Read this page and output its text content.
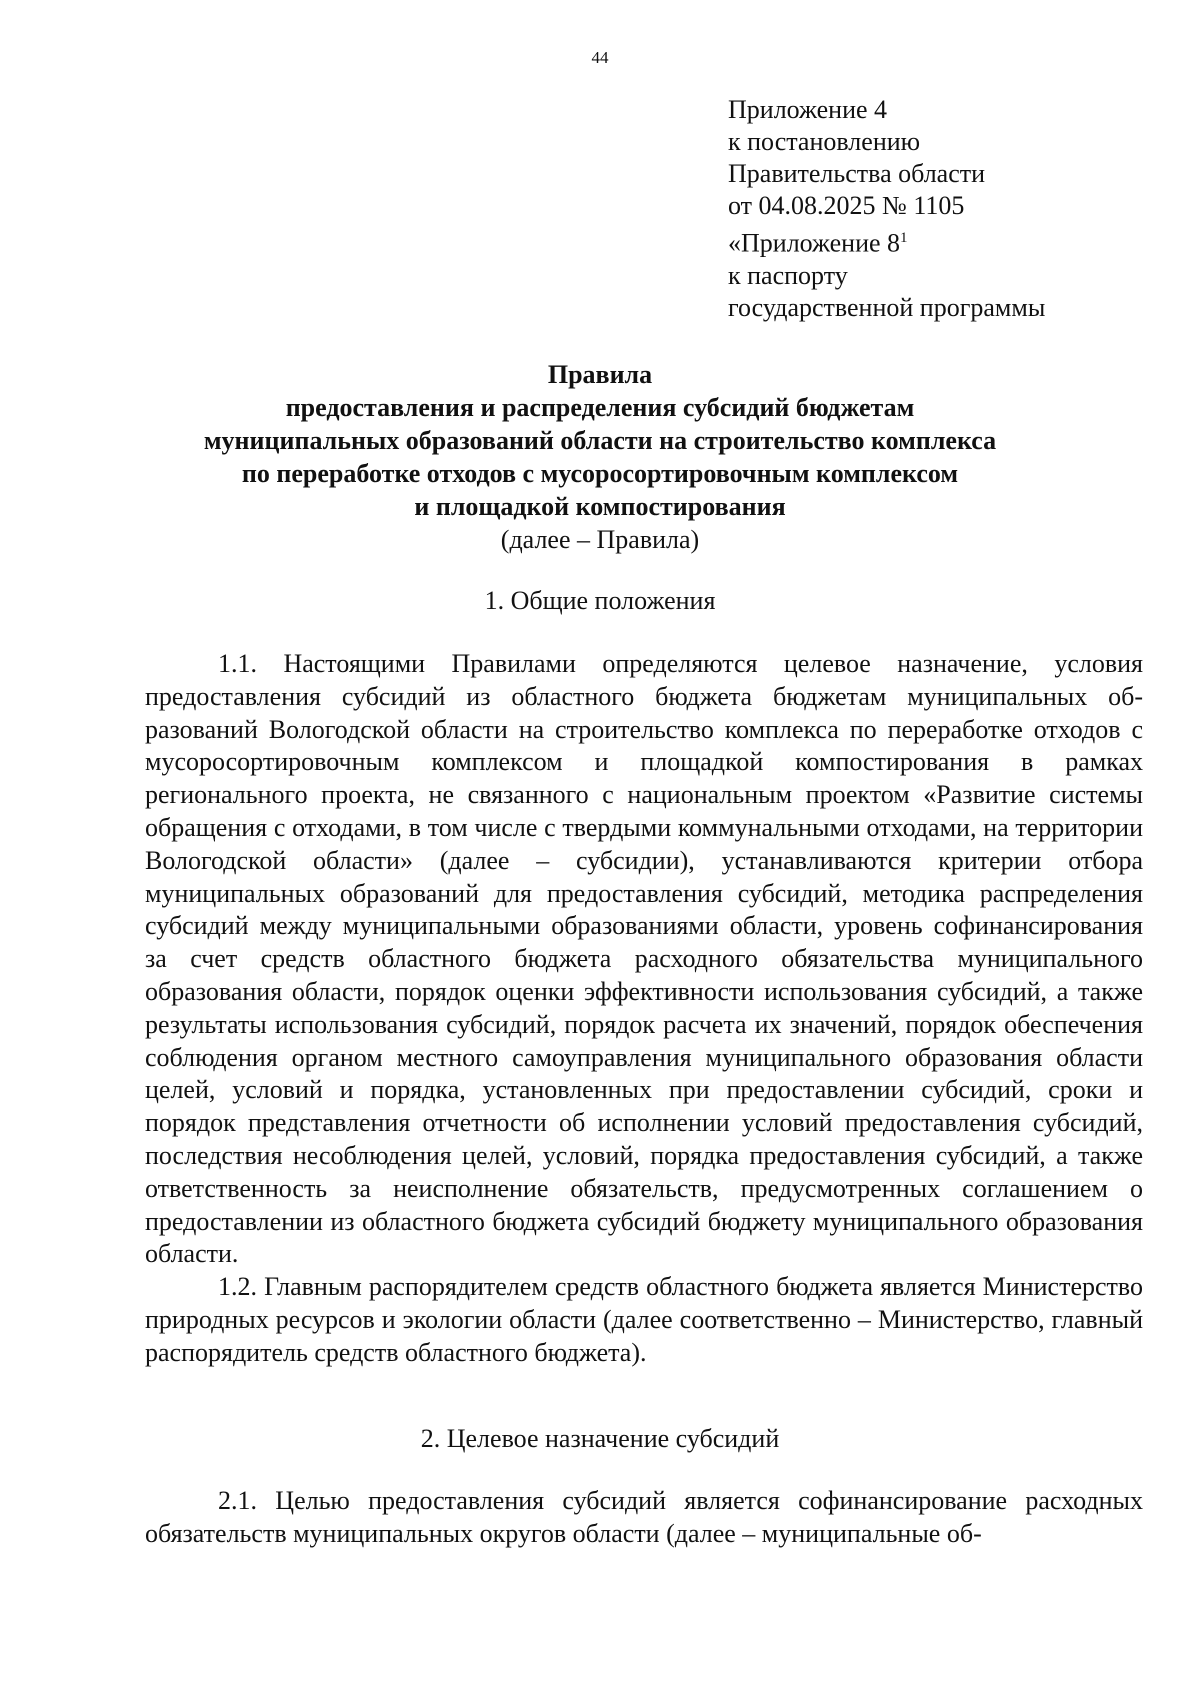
44
Приложение 4
к постановлению
Правительства области
от 04.08.2025 № 1105
«Приложение $8^1$
к паспорту
государственной программы
Правила
предоставления и распределения субсидий бюджетам
муниципальных образований области на строительство комплекса
по переработке отходов с мусоросортировочным комплексом
и площадкой компостирования
(далее – Правила)
1. Общие положения

1.1. Настоящими Правилами определяются целевое назначение, условия предоставления субсидий из областного бюджета бюджетам муниципальных образований Вологодской области на строительство комплекса по переработке отходов с мусоросортировочным комплексом и площадкой компостирования в рамках регионального проекта, не связанного с национальным проектом «Развитие системы обращения с отходами, в том числе с твердыми коммунальными отходами, на территории Вологодской области» (далее – субсидии), устанавливаются критерии отбора муниципальных образований для предоставления субсидий, методика распределения субсидий между муниципальными образованиями области, уровень софинансирования за счет средств областного бюджета расходного обязательства муниципального образования области, порядок оценки эффективности использования субсидий, а также результаты использования субсидий, порядок расчета их значений, порядок обеспечения соблюдения органом местного самоуправления муниципального образования области целей, условий и порядка, установленных при предоставлении субсидий, сроки и порядок представления отчетности об исполнении условий предоставления субсидий, последствия несоблюдения целей, условий, порядка предоставления субсидий, а также ответственность за неисполнение обязательств, предусмотренных соглашением о предоставлении из областного бюджета субсидий бюджету муниципального образования области.

1.2. Главным распорядителем средств областного бюджета является Министерство природных ресурсов и экологии области (далее соответственно – Министерство, главный распорядитель средств областного бюджета).

2. Целевое назначение субсидий

2.1. Целью предоставления субсидий является софинансирование расходных обязательств муниципальных округов области (далее – муниципальные об-
